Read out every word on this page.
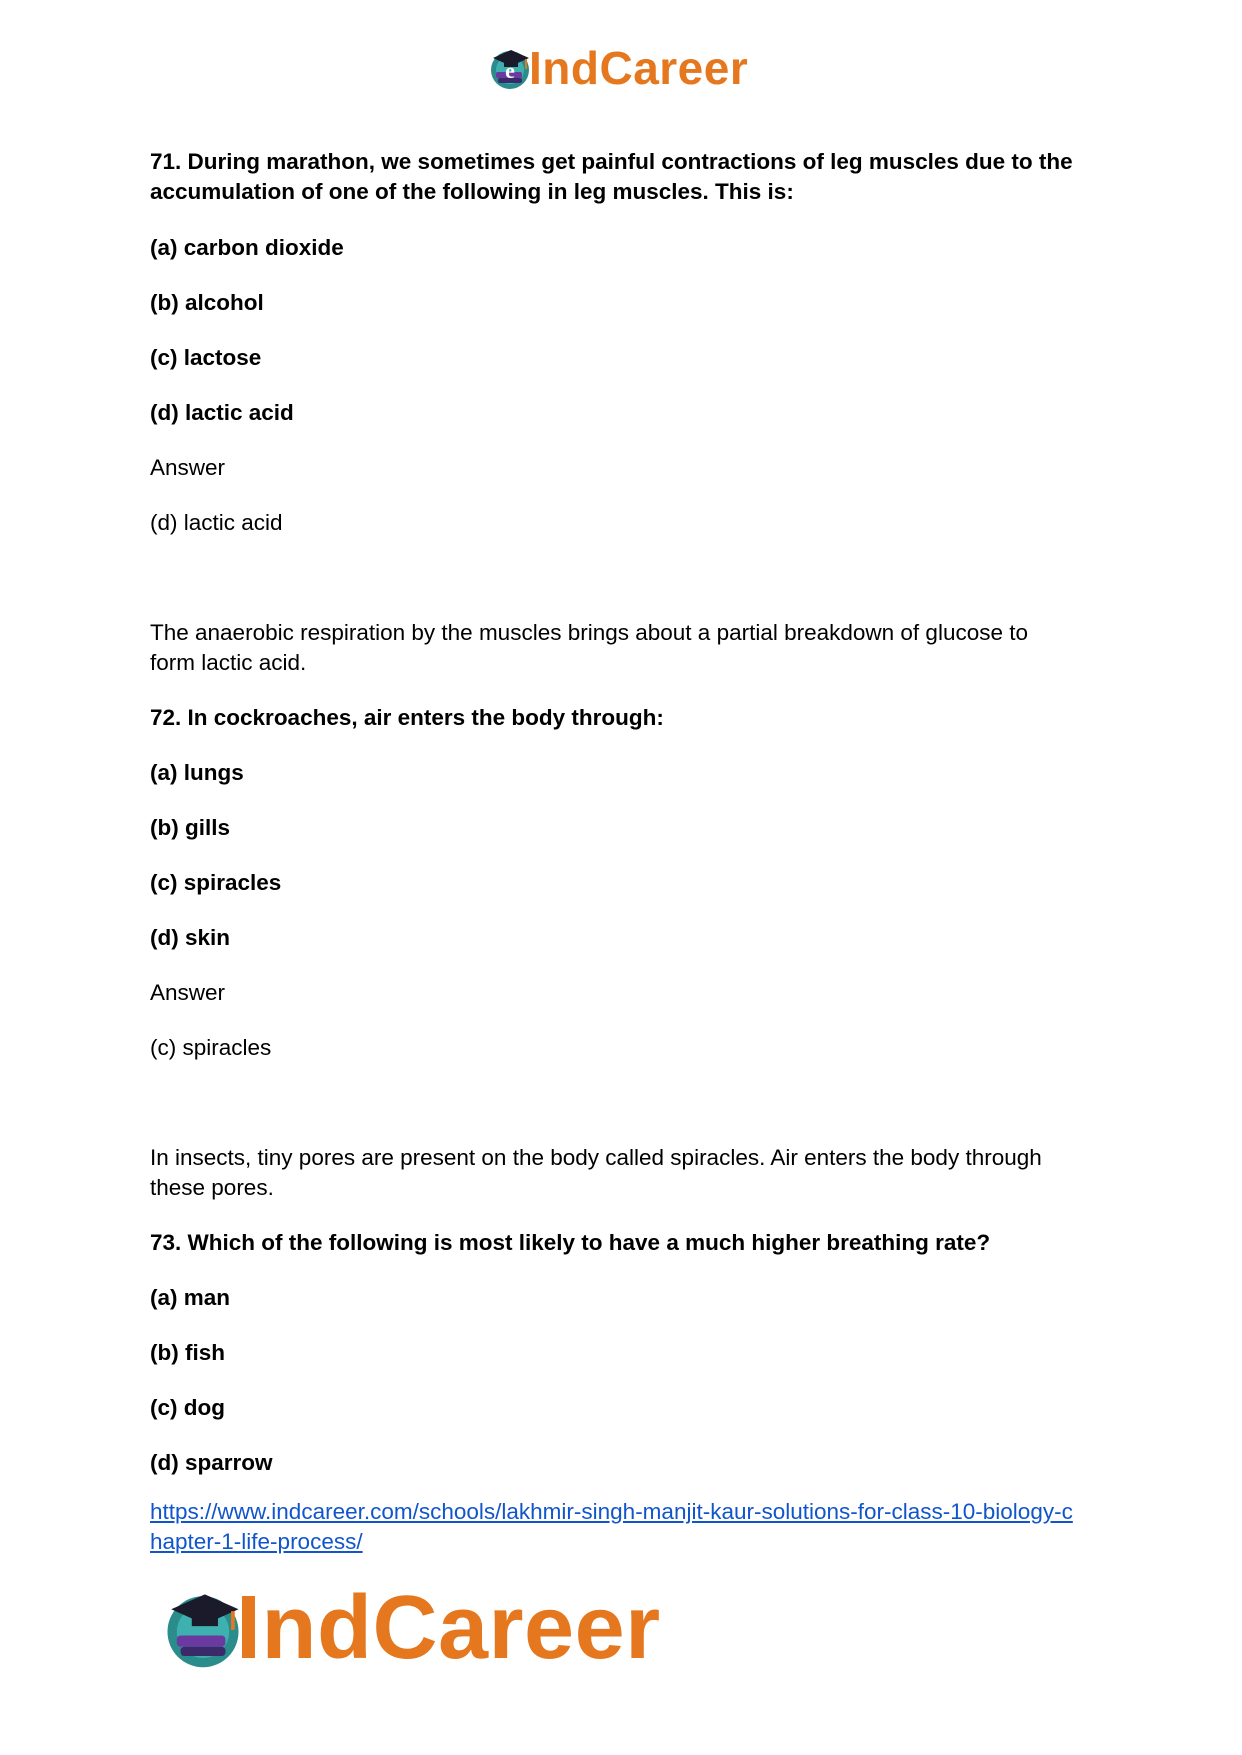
e IndCareer
71. During marathon, we sometimes get painful contractions of leg muscles due to the
accumulation of one of the following in leg muscles. This is:
(a) carbon dioxide
(b) alcohol
(c) lactose
(d) lactic acid
Answer
(d) lactic acid
The anaerobic respiration by the muscles brings about a partial breakdown of glucose to
form lactic acid.
72. In cockroaches, air enters the body through:
(a) lungs
(b) gills
(c) spiracles
(d) skin
Answer
(c) spiracles
In insects, tiny pores are present on the body called spiracles. Air enters the body through
these pores.
73. Which of the following is most likely to have a much higher breathing rate?
(a) man
(b) fish
(c) dog
(d) sparrow
https://www.indcareer.com/schools/lakhmir-singh-manjit-kaur-solutions-for-class-10-biology-c
hapter-1-life-process/
IndCareer
